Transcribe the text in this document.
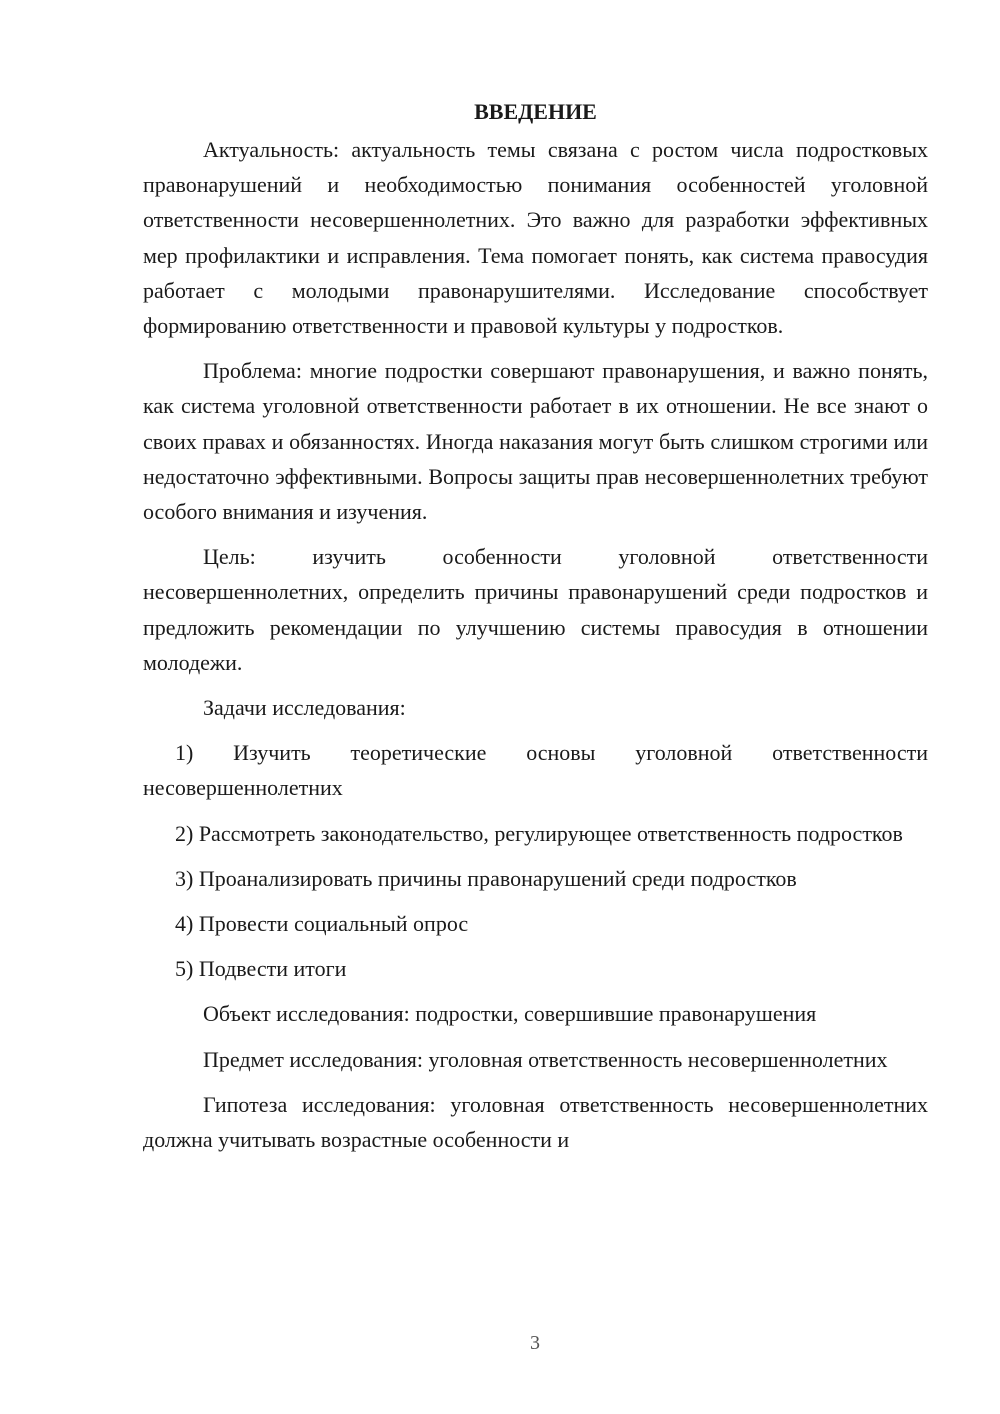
ВВЕДЕНИЕ

Актуальность: актуальность темы связана с ростом числа подростковых правонарушений и необходимостью понимания особенностей уголовной ответственности несовершеннолетних. Это важно для разработки эффективных мер профилактики и исправления. Тема помогает понять, как система правосудия работает с молодыми правонарушителями. Исследование способствует формированию ответственности и правовой культуры у подростков.

Проблема: многие подростки совершают правонарушения, и важно понять, как система уголовной ответственности работает в их отношении. Не все знают о своих правах и обязанностях. Иногда наказания могут быть слишком строгими или недостаточно эффективными. Вопросы защиты прав несовершеннолетних требуют особого внимания и изучения.

Цель: изучить особенности уголовной ответственности несовершеннолетних, определить причины правонарушений среди подростков и предложить рекомендации по улучшению системы правосудия в отношении молодежи.

Задачи исследования:

1) Изучить теоретические основы уголовной ответственности несовершеннолетних

2) Рассмотреть законодательство, регулирующее ответственность подростков

3) Проанализировать причины правонарушений среди подростков

4) Провести социальный опрос

5) Подвести итоги

Объект исследования: подростки, совершившие правонарушения

Предмет исследования: уголовная ответственность несовершеннолетних

Гипотеза исследования: уголовная ответственность несовершеннолетних должна учитывать возрастные особенности и

3
